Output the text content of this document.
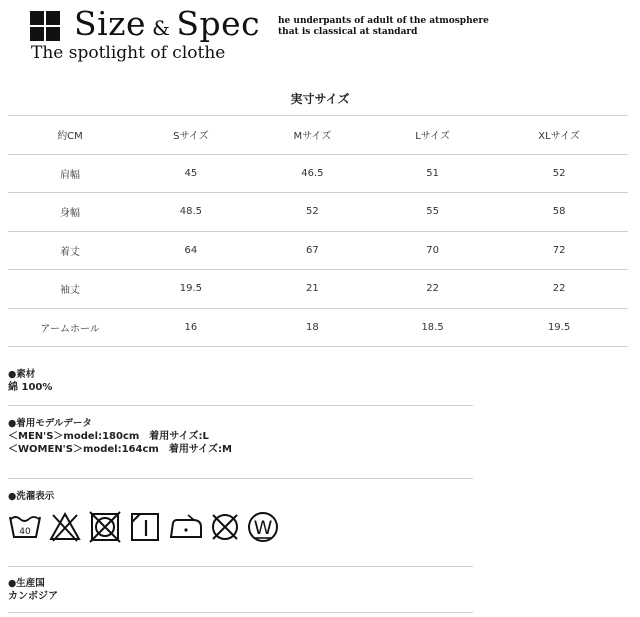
Size & Spec
The spotlight of clothe
he underpants of adult of the atmosphere
that is classical at standard
実寸サイズ
約CM	Sサイズ	Mサイズ	Lサイズ	XLサイズ
肩幅	45	46.5	51	52
身幅	48.5	52	55	58
着丈	64	67	70	72
袖丈	19.5	21	22	22
アームホール	16	18	18.5	19.5
●素材
綿 100%
●着用モデルデータ
＜MEN'S＞model:180cm　着用サイズ:L
＜WOMEN'S＞model:164cm　着用サイズ:M
●洗濯表示
40	W
●生産国
カンボジア
